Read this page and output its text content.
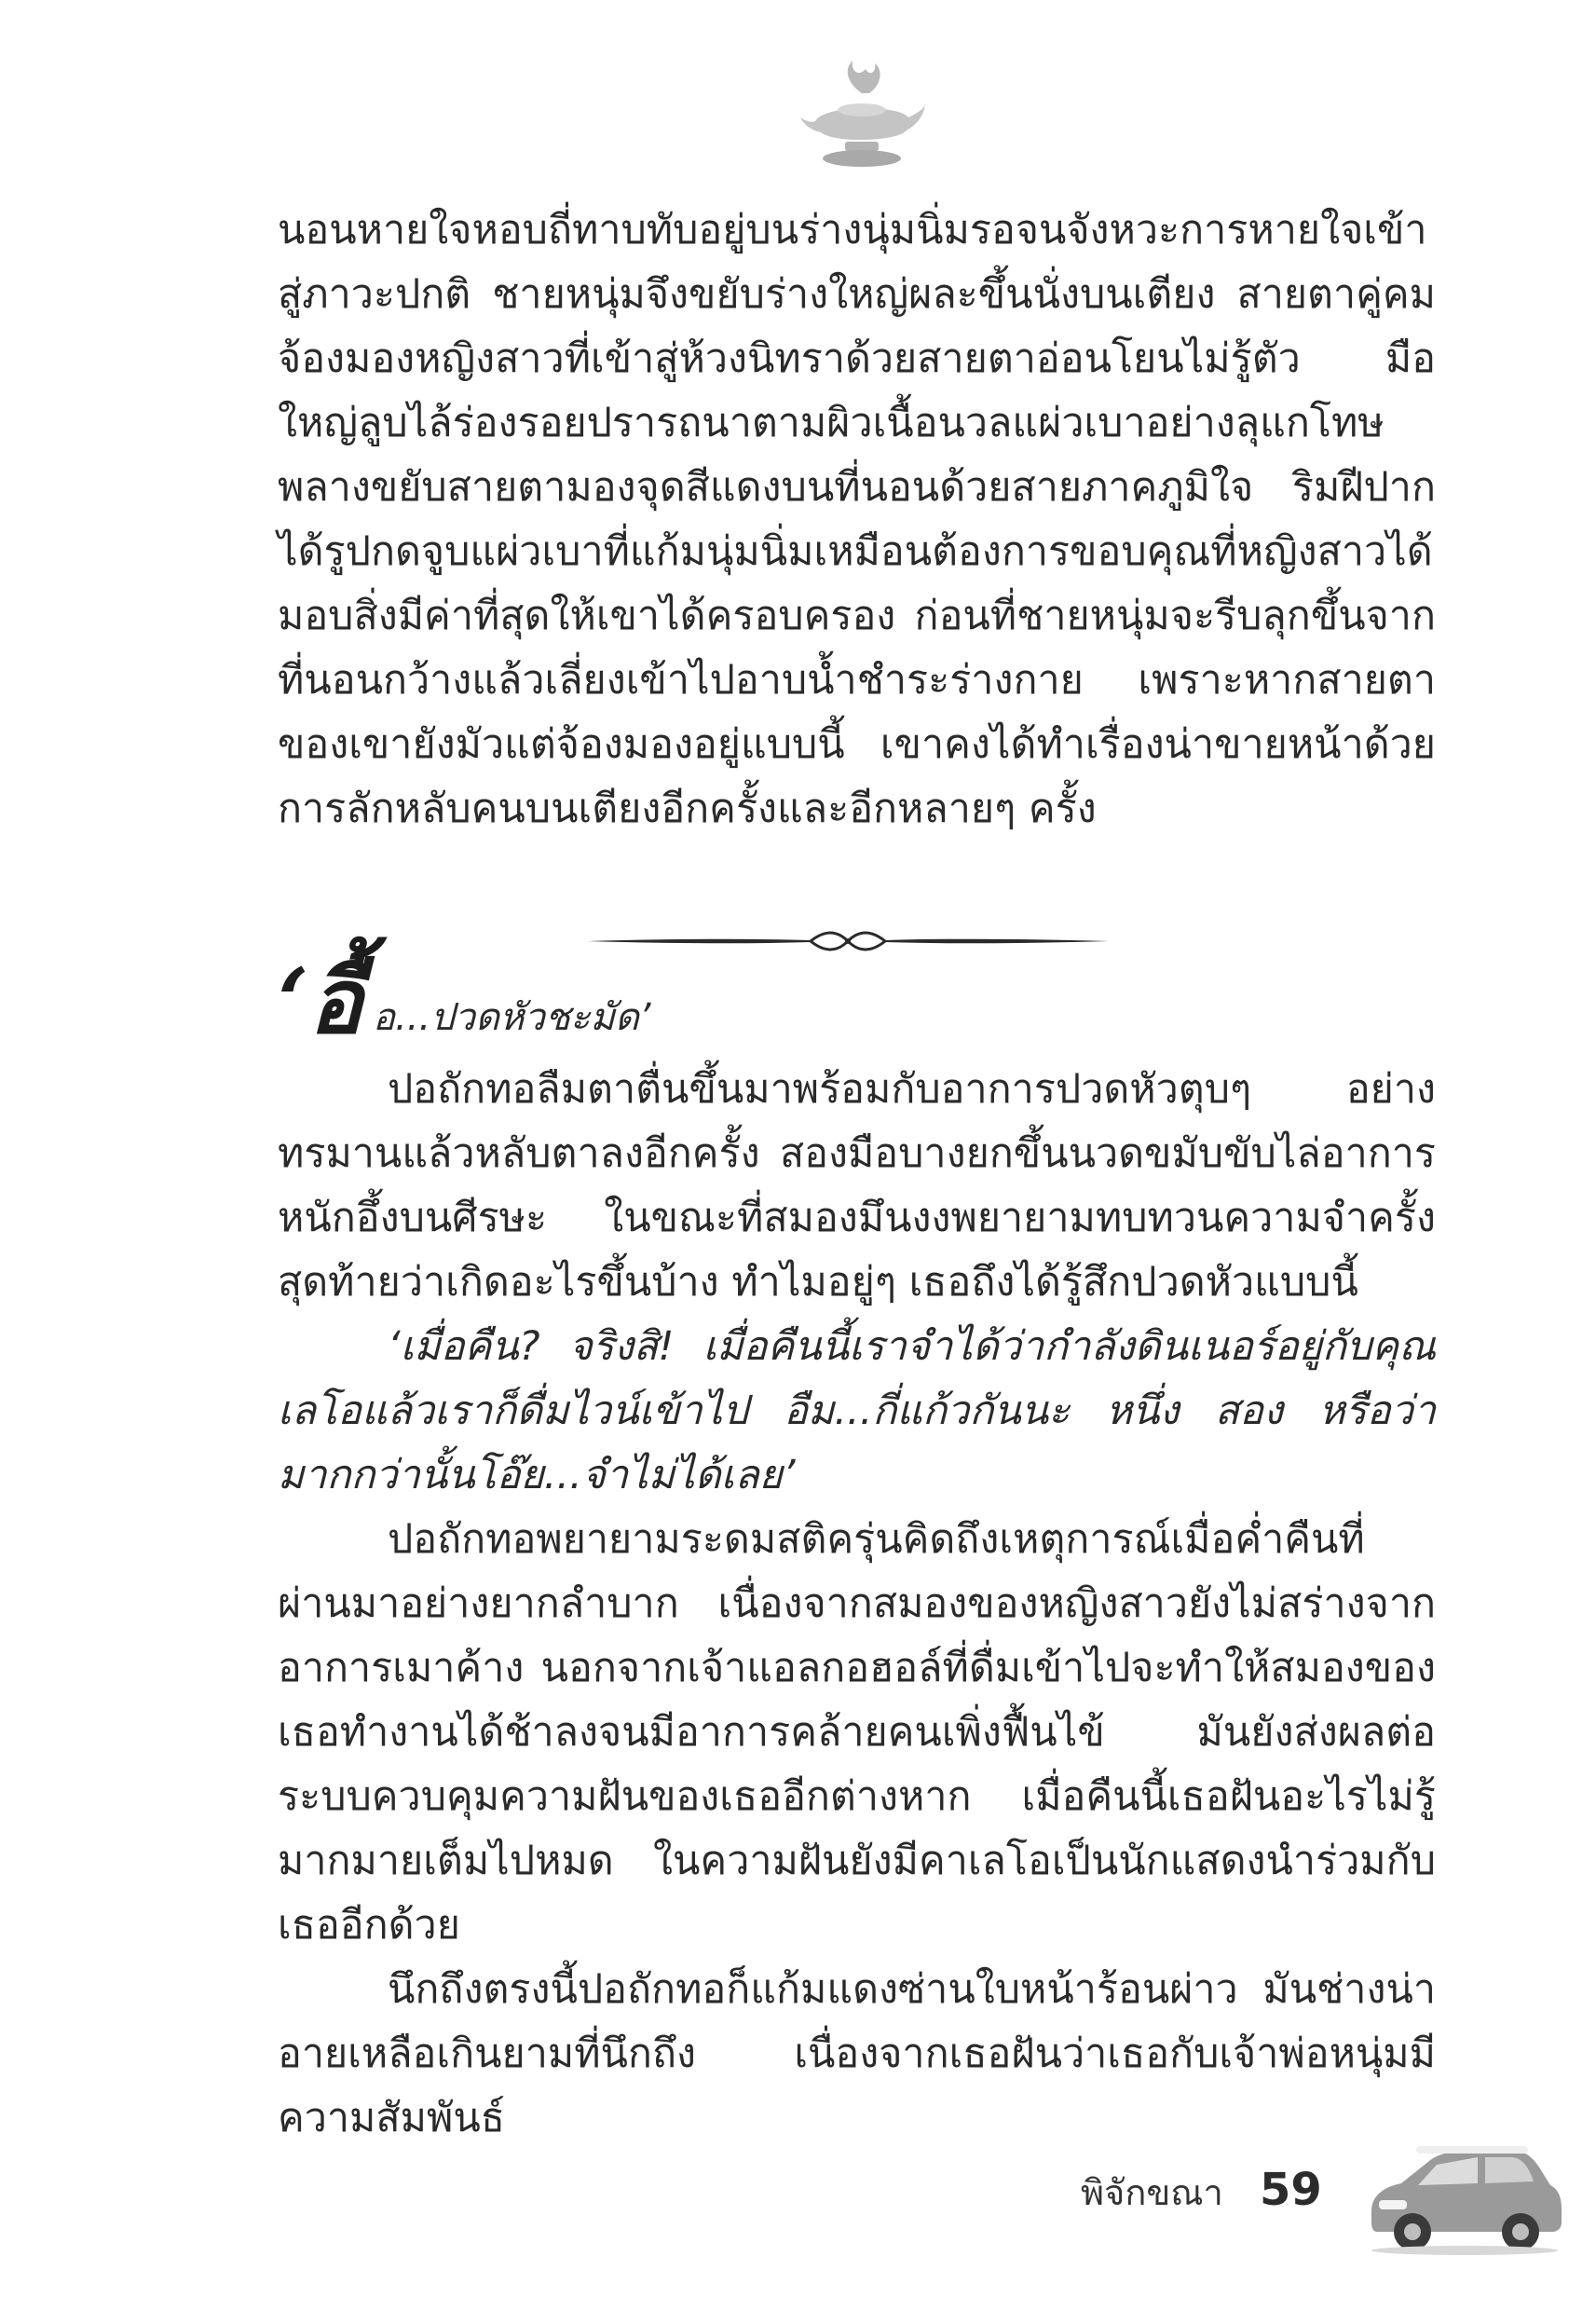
นอนหายใจหอบถี่ทาบทับอยู่บนร่างนุ่มนิ่มรอจนจังหวะการหายใจเข้าสู่ภาวะปกติ ชายหนุ่มจึงขยับร่างใหญ่ผละขึ้นนั่งบนเตียง สายตาคู่คมจ้องมองหญิงสาวที่เข้าสู่ห้วงนิทราด้วยสายตาอ่อนโยนไม่รู้ตัว มือใหญ่ลูบไล้ร่องรอยปรารถนาตามผิวเนื้อนวลแผ่วเบาอย่างลุแกโทษ พลางขยับสายตามองจุดสีแดงบนที่นอนด้วยสายภาคภูมิใจ ริมฝีปากได้รูปกดจูบแผ่วเบาที่แก้มนุ่มนิ่มเหมือนต้องการขอบคุณที่หญิงสาวได้มอบสิ่งมีค่าที่สุดให้เขาได้ครอบครอง ก่อนที่ชายหนุ่มจะรีบลุกขึ้นจากที่นอนกว้างแล้วเลี่ยงเข้าไปอาบน้ำชำระร่างกาย เพราะหากสายตาของเขายังมัวแต่จ้องมองอยู่แบบนี้ เขาคงได้ทำเรื่องน่าขายหน้าด้วยการลักหลับคนบนเตียงอีกครั้งและอีกหลายๆ ครั้ง

‘อื้ อ...ปวดหัวชะมัด’

ปอถักทอลืมตาตื่นขึ้นมาพร้อมกับอาการปวดหัวตุบๆ อย่างทรมานแล้วหลับตาลงอีกครั้ง สองมือบางยกขึ้นนวดขมับขับไล่อาการหนักอึ้งบนศีรษะ ในขณะที่สมองมึนงงพยายามทบทวนความจำครั้งสุดท้ายว่าเกิดอะไรขึ้นบ้าง ทำไมอยู่ๆ เธอถึงได้รู้สึกปวดหัวแบบนี้

‘เมื่อคืน? จริงสิ! เมื่อคืนนี้เราจำได้ว่ากำลังดินเนอร์อยู่กับคุณเลโอแล้วเราก็ดื่มไวน์เข้าไป อืม...กี่แก้วกันนะ หนึ่ง สอง หรือว่ามากกว่านั้นโอ๊ย...จำไม่ได้เลย’

ปอถักทอพยายามระดมสติครุ่นคิดถึงเหตุการณ์เมื่อค่ำคืนที่ผ่านมาอย่างยากลำบาก เนื่องจากสมองของหญิงสาวยังไม่สร่างจากอาการเมาค้าง นอกจากเจ้าแอลกอฮอล์ที่ดื่มเข้าไปจะทำให้สมองของเธอทำงานได้ช้าลงจนมีอาการคล้ายคนเพิ่งฟื้นไข้ มันยังส่งผลต่อระบบควบคุมความฝันของเธออีกต่างหาก เมื่อคืนนี้เธอฝันอะไรไม่รู้มากมายเต็มไปหมด ในความฝันยังมีคาเลโอเป็นนักแสดงนำร่วมกับเธออีกด้วย

นึกถึงตรงนี้ปอถักทอก็แก้มแดงซ่านใบหน้าร้อนผ่าว มันช่างน่าอายเหลือเกินยามที่นึกถึง เนื่องจากเธอฝันว่าเธอกับเจ้าพ่อหนุ่มมีความสัมพันธ์

พิจักขณา 59
